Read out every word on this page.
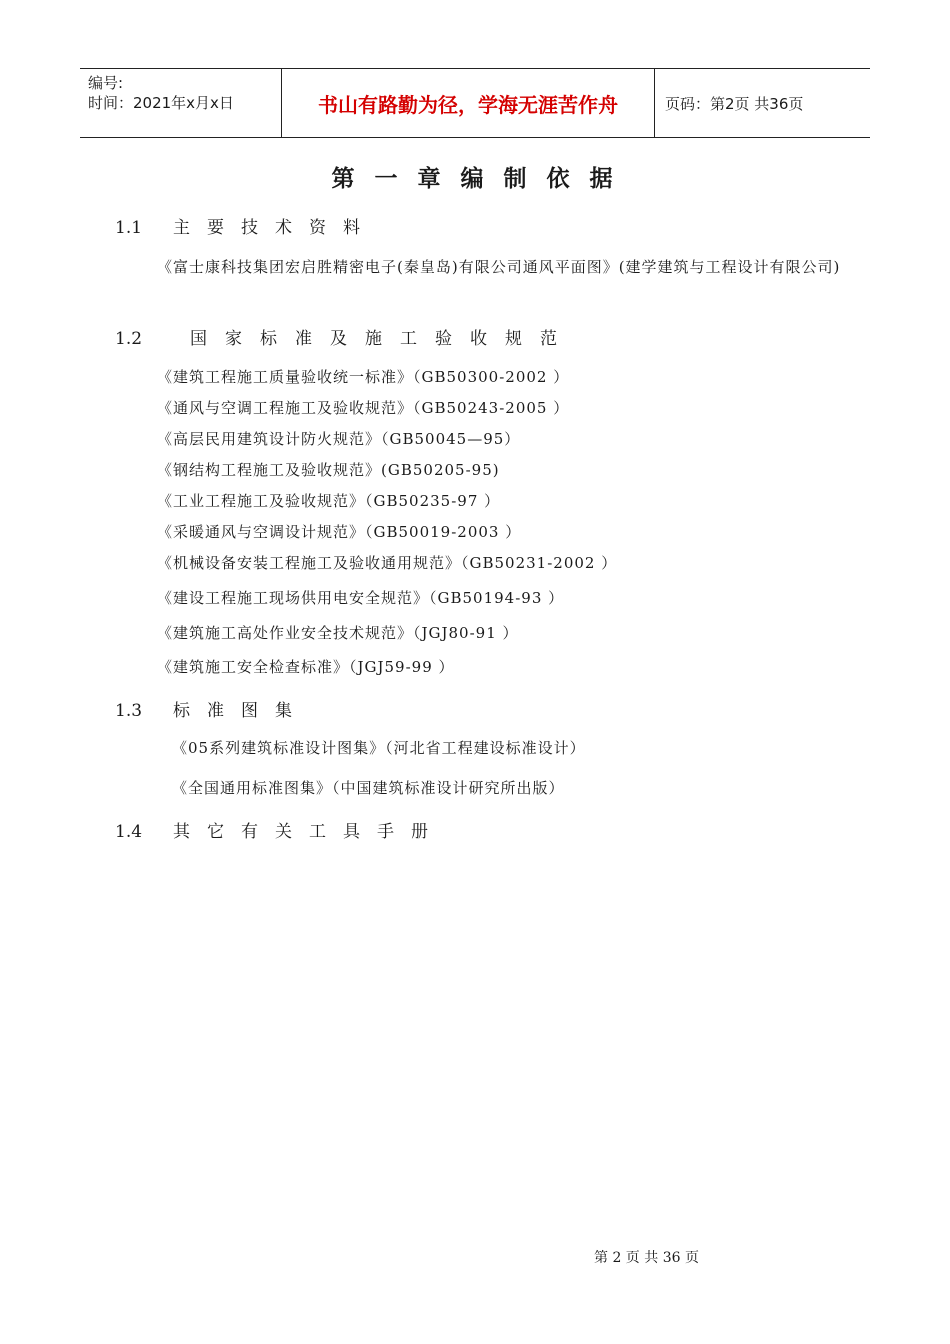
编号:
时间：2021年x月x日	书山有路勤为径，学海无涯苦作舟	页码：第2页 共36页
第 一 章 编 制 依 据
1.1 主要技术资料
《富士康科技集团宏启胜精密电子(秦皇岛)有限公司通风平面图》(建学建筑与工程设计有限公司)
1.2	国家标准及施工验收规范
《建筑工程施工质量验收统一标准》（GB50300-2002 ）
《通风与空调工程施工及验收规范》（GB50243-2005 ）
《高层民用建筑设计防火规范》（GB50045—95）
《钢结构工程施工及验收规范》(GB50205-95)
《工业工程施工及验收规范》（GB50235-97 ）
《采暖通风与空调设计规范》（GB50019-2003 ）
《机械设备安装工程施工及验收通用规范》（GB50231-2002 ）
《建设工程施工现场供用电安全规范》（GB50194-93 ）
《建筑施工高处作业安全技术规范》（JGJ80-91 ）
《建筑施工安全检查标准》（JGJ59-99 ）
1.3 标准图集
《05系列建筑标准设计图集》（河北省工程建设标准设计）
《全国通用标准图集》（中国建筑标准设计研究所出版）
1.4 其它有关工具手册
第 2 页 共 36 页
